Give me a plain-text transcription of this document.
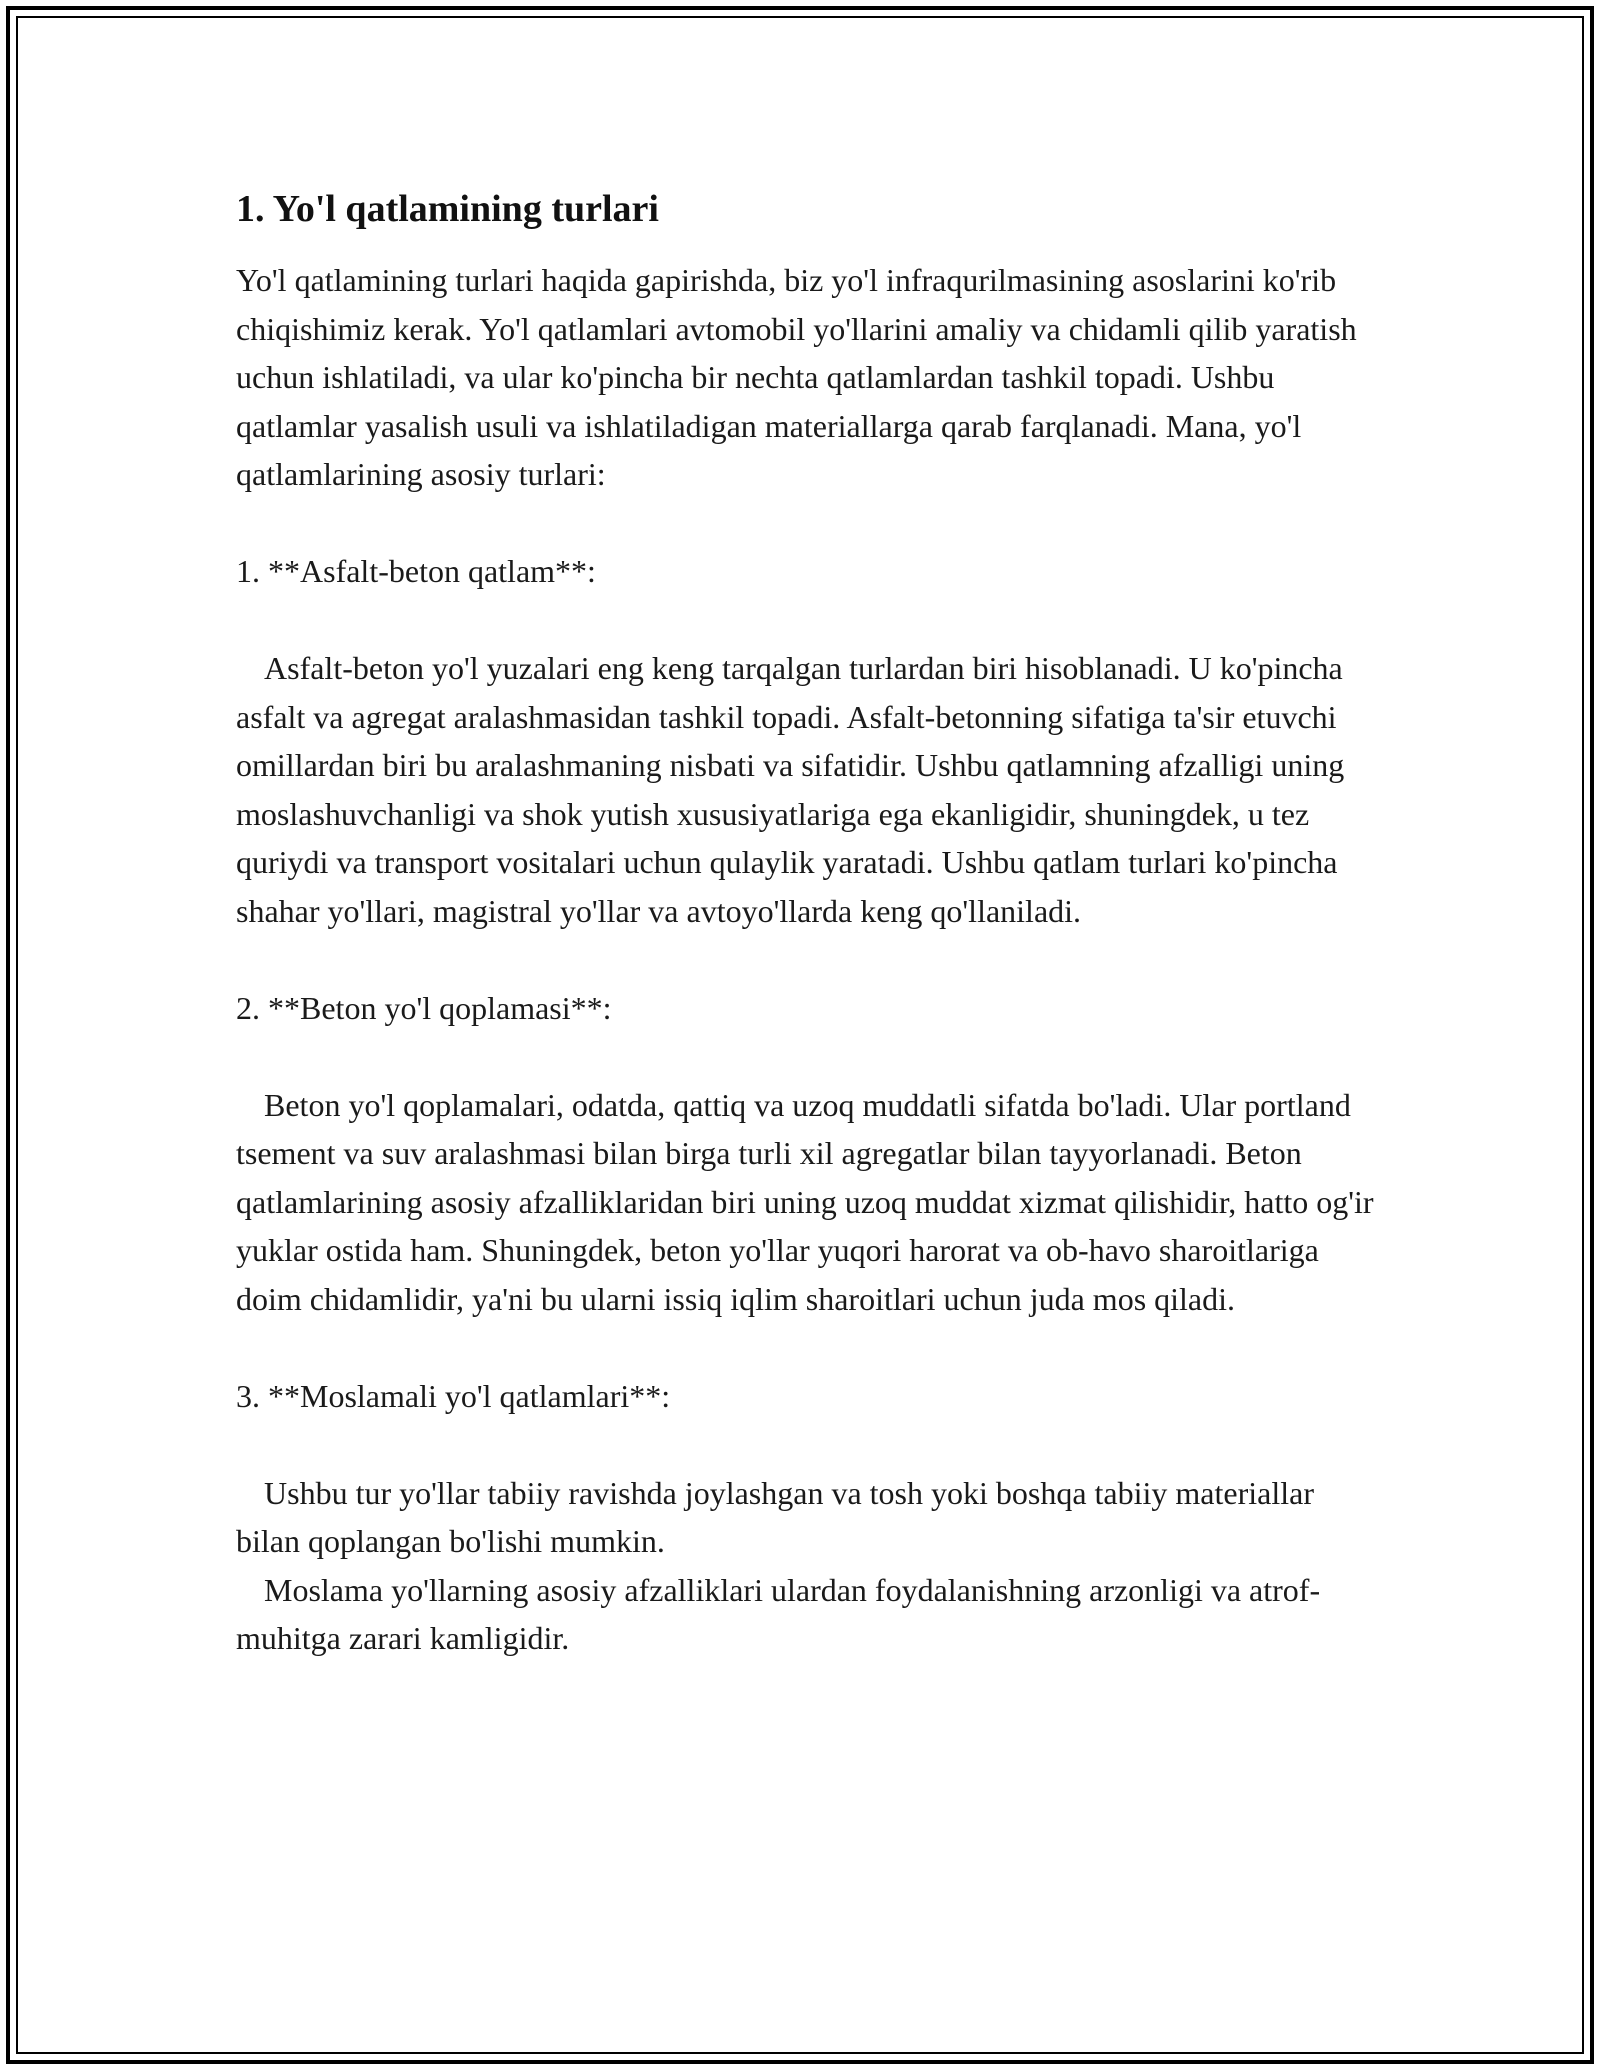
1. Yo'l qatlamining turlari

Yo'l qatlamining turlari haqida gapirishda, biz yo'l infraqurilmasining asoslarini ko'rib chiqishimiz kerak. Yo'l qatlamlari avtomobil yo'llarini amaliy va chidamli qilib yaratish uchun ishlatiladi, va ular ko'pincha bir nechta qatlamlardan tashkil topadi. Ushbu qatlamlar yasalish usuli va ishlatiladigan materiallarga qarab farqlanadi. Mana, yo'l qatlamlarining asosiy turlari:

1. **Asfalt-beton qatlam**:

Asfalt-beton yo'l yuzalari eng keng tarqalgan turlardan biri hisoblanadi. U ko'pincha asfalt va agregat aralashmasidan tashkil topadi. Asfalt-betonning sifatiga ta'sir etuvchi omillardan biri bu aralashmaning nisbati va sifatidir. Ushbu qatlamning afzalligi uning moslashuvchanligi va shok yutish xususiyatlariga ega ekanligidir, shuningdek, u tez quriydi va transport vositalari uchun qulaylik yaratadi. Ushbu qatlam turlari ko'pincha shahar yo'llari, magistral yo'llar va avtoyo'llarda keng qo'llaniladi.

2. **Beton yo'l qoplamasi**:

Beton yo'l qoplamalari, odatda, qattiq va uzoq muddatli sifatda bo'ladi. Ular portland tsement va suv aralashmasi bilan birga turli xil agregatlar bilan tayyorlanadi. Beton qatlamlarining asosiy afzalliklaridan biri uning uzoq muddat xizmat qilishidir, hatto og'ir yuklar ostida ham. Shuningdek, beton yo'llar yuqori harorat va ob-havo sharoitlariga doim chidamlidir, ya'ni bu ularni issiq iqlim sharoitlari uchun juda mos qiladi.

3. **Moslamali yo'l qatlamlari**:

Ushbu tur yo'llar tabiiy ravishda joylashgan va tosh yoki boshqa tabiiy materiallar bilan qoplangan bo'lishi mumkin.

Moslama yo'llarning asosiy afzalliklari ulardan foydalanishning arzonligi va atrof-muhitga zarari kamligidir.
